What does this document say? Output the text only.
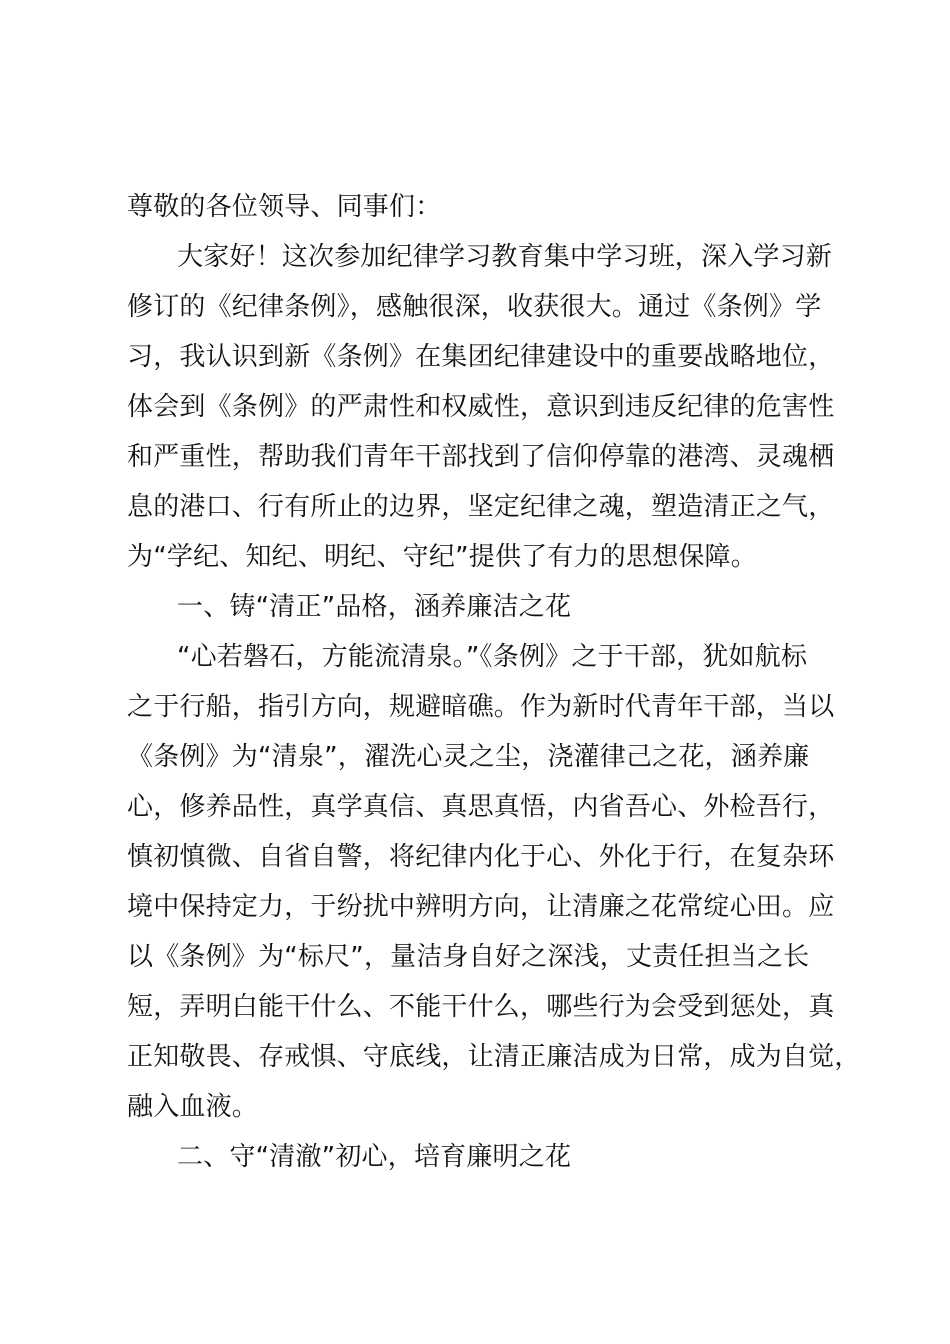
尊敬的各位领导、同事们：
大家好！这次参加纪律学习教育集中学习班，深入学习新
修订的《纪律条例》，感触很深，收获很大。通过《条例》学
习，我认识到新《条例》在集团纪律建设中的重要战略地位，
体会到《条例》的严肃性和权威性，意识到违反纪律的危害性
和严重性，帮助我们青年干部找到了信仰停靠的港湾、灵魂栖
息的港口、行有所止的边界，坚定纪律之魂，塑造清正之气，
为“学纪、知纪、明纪、守纪”提供了有力的思想保障。
一、铸“清正”品格，涵养廉洁之花
“心若磐石，方能流清泉。”《条例》之于干部，犹如航标
之于行船，指引方向，规避暗礁。作为新时代青年干部，当以
《条例》为“清泉”，濯洗心灵之尘，浇灌律己之花，涵养廉
心，修养品性，真学真信、真思真悟，内省吾心、外检吾行，
慎初慎微、自省自警，将纪律内化于心、外化于行，在复杂环
境中保持定力，于纷扰中辨明方向，让清廉之花常绽心田。应
以《条例》为“标尺”，量洁身自好之深浅，丈责任担当之长
短，弄明白能干什么、不能干什么，哪些行为会受到惩处，真
正知敬畏、存戒惧、守底线，让清正廉洁成为日常，成为自觉，
融入血液。
二、守“清澈”初心，培育廉明之花
